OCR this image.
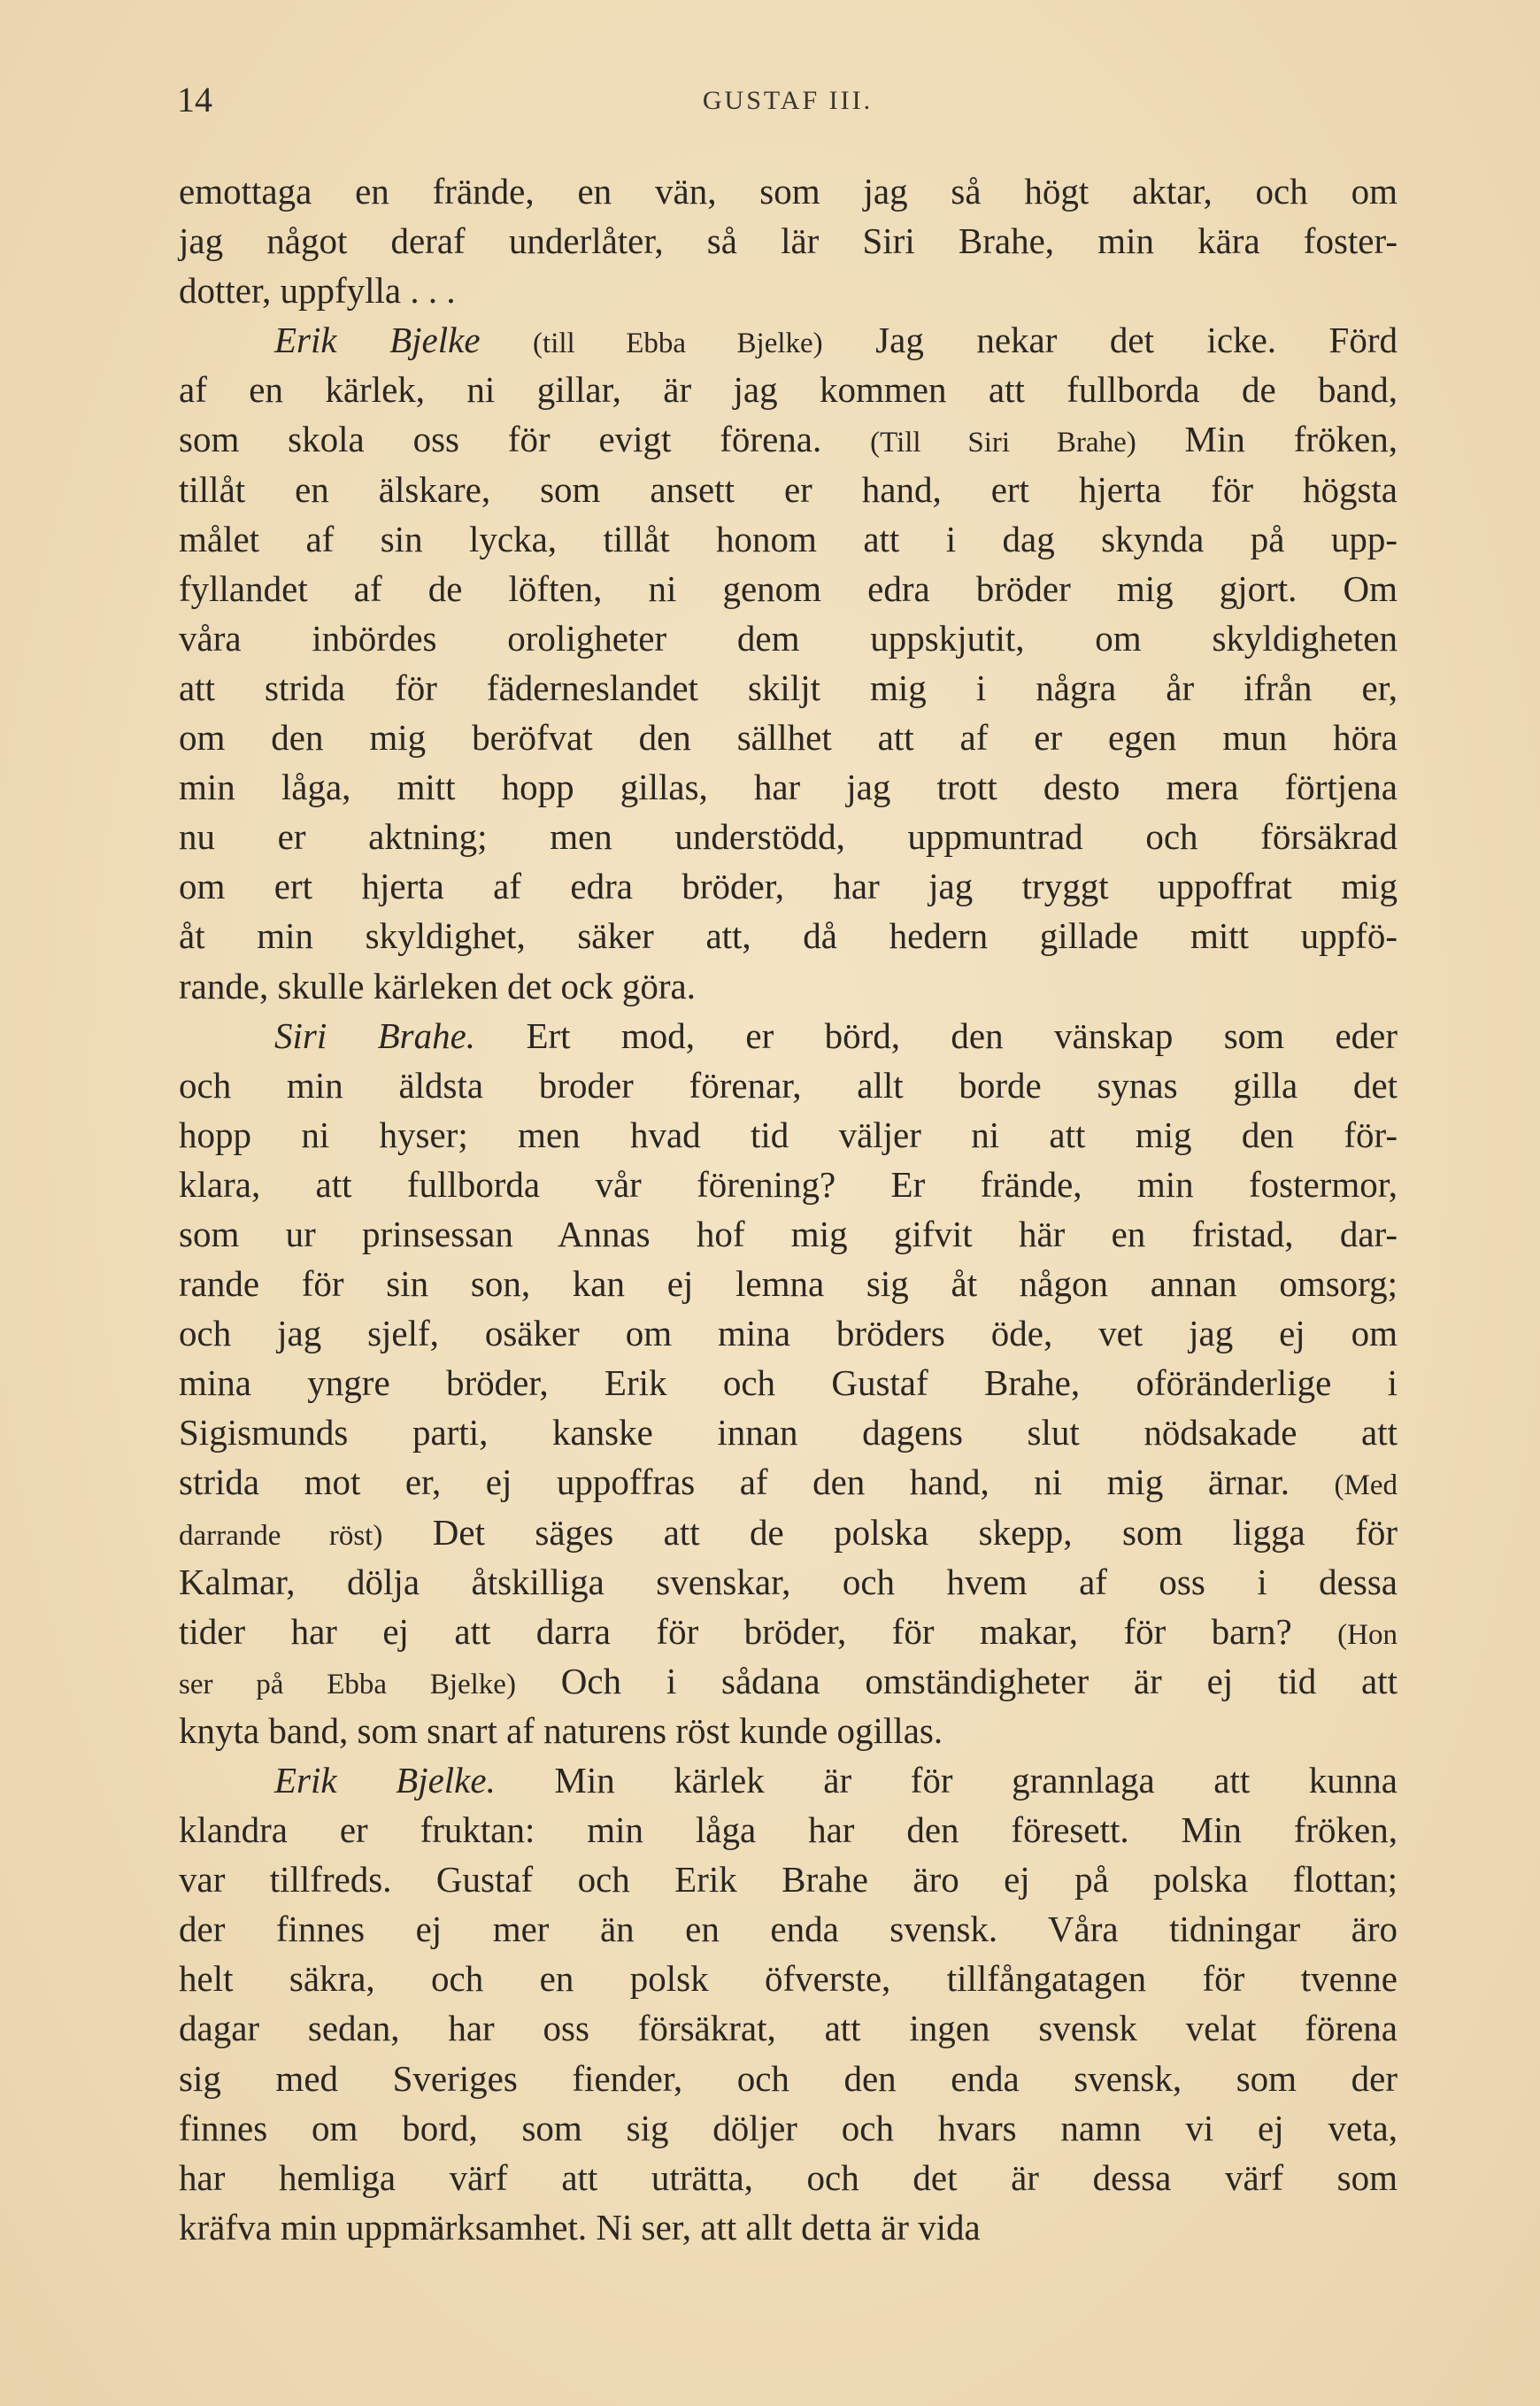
14	GUSTAF III.
emottaga en frände, en vän, som jag så högt aktar, och om
jag något deraf underlåter, så lär Siri Brahe, min kära foster-
dotter, uppfylla . . .
Erik Bjelke (till Ebba Bjelke) Jag nekar det icke. Förd
af en kärlek, ni gillar, är jag kommen att fullborda de band,
som skola oss för evigt förena. (Till Siri Brahe) Min fröken,
tillåt en älskare, som ansett er hand, ert hjerta för högsta
målet af sin lycka, tillåt honom att i dag skynda på upp-
fyllandet af de löften, ni genom edra bröder mig gjort. Om
våra inbördes oroligheter dem uppskjutit, om skyldigheten
att strida för fäderneslandet skiljt mig i några år ifrån er,
om den mig beröfvat den sällhet att af er egen mun höra
min låga, mitt hopp gillas, har jag trott desto mera förtjena
nu er aktning; men understödd, uppmuntrad och försäkrad
om ert hjerta af edra bröder, har jag tryggt uppoffrat mig
åt min skyldighet, säker att, då hedern gillade mitt uppfö-
rande, skulle kärleken det ock göra.
Siri Brahe. Ert mod, er börd, den vänskap som eder
och min äldsta broder förenar, allt borde synas gilla det
hopp ni hyser; men hvad tid väljer ni att mig den för-
klara, att fullborda vår förening? Er frände, min fostermor,
som ur prinsessan Annas hof mig gifvit här en fristad, dar-
rande för sin son, kan ej lemna sig åt någon annan omsorg;
och jag sjelf, osäker om mina bröders öde, vet jag ej om
mina yngre bröder, Erik och Gustaf Brahe, oföränderlige i
Sigismunds parti, kanske innan dagens slut nödsakade att
strida mot er, ej uppoffras af den hand, ni mig ärnar. (Med
darrande röst) Det säges att de polska skepp, som ligga för
Kalmar, dölja åtskilliga svenskar, och hvem af oss i dessa
tider har ej att darra för bröder, för makar, för barn? (Hon
ser på Ebba Bjelke) Och i sådana omständigheter är ej tid att
knyta band, som snart af naturens röst kunde ogillas.
Erik Bjelke. Min kärlek är för grannlaga att kunna
klandra er fruktan: min låga har den föresett. Min fröken,
var tillfreds. Gustaf och Erik Brahe äro ej på polska flottan;
der finnes ej mer än en enda svensk. Våra tidningar äro
helt säkra, och en polsk öfverste, tillfångatagen för tvenne
dagar sedan, har oss försäkrat, att ingen svensk velat förena
sig med Sveriges fiender, och den enda svensk, som der
finnes om bord, som sig döljer och hvars namn vi ej veta,
har hemliga värf att uträtta, och det är dessa värf som
kräfva min uppmärksamhet. Ni ser, att allt detta är vida
